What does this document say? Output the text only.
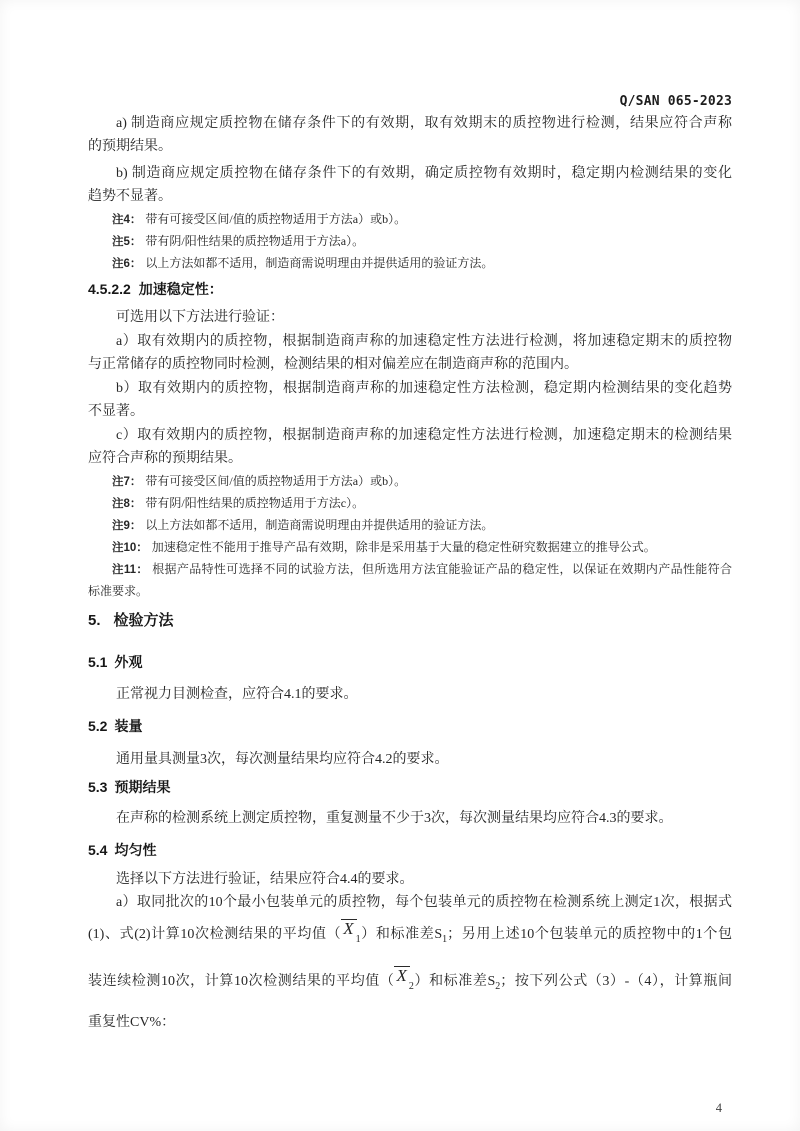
Q/SAN 065-2023
a) 制造商应规定质控物在储存条件下的有效期，取有效期末的质控物进行检测，结果应符合声称
的预期结果。
b) 制造商应规定质控物在储存条件下的有效期，确定质控物有效期时，稳定期内检测结果的变化
趋势不显著。
注4： 带有可接受区间/值的质控物适用于方法a）或b）。
注5： 带有阴/阳性结果的质控物适用于方法a）。
注6： 以上方法如都不适用，制造商需说明理由并提供适用的验证方法。
4.5.2.2 加速稳定性：
可选用以下方法进行验证：
a）取有效期内的质控物，根据制造商声称的加速稳定性方法进行检测，将加速稳定期末的质控物
与正常储存的质控物同时检测，检测结果的相对偏差应在制造商声称的范围内。
b）取有效期内的质控物，根据制造商声称的加速稳定性方法检测，稳定期内检测结果的变化趋势
不显著。
c）取有效期内的质控物，根据制造商声称的加速稳定性方法进行检测，加速稳定期末的检测结果
应符合声称的预期结果。
注7： 带有可接受区间/值的质控物适用于方法a）或b）。
注8： 带有阴/阳性结果的质控物适用于方法c）。
注9： 以上方法如都不适用，制造商需说明理由并提供适用的验证方法。
注10： 加速稳定性不能用于推导产品有效期，除非是采用基于大量的稳定性研究数据建立的推导公式。
注11： 根据产品特性可选择不同的试验方法，但所选用方法宜能验证产品的稳定性，以保证在效期内产品性能符合
标准要求。
5. 检验方法
5.1 外观
正常视力目测检查，应符合4.1的要求。
5.2 装量
通用量具测量3次，每次测量结果均应符合4.2的要求。
5.3 预期结果
在声称的检测系统上测定质控物，重复测量不少于3次，每次测量结果均应符合4.3的要求。
5.4 均匀性
选择以下方法进行验证，结果应符合4.4的要求。
a）取同批次的10个最小包装单元的质控物，每个包装单元的质控物在检测系统上测定1次，根据式
(1)、式(2)计算10次检测结果的平均值（ $X_1$）和标准差$S_1$；另用上述10个包装单元的质控物中的1个包
装连续检测10次，计算10次检测结果的平均值（ $X_2$）和标准差$S_2$；按下列公式（3）-（4），计算瓶间
重复性CV%：
4
